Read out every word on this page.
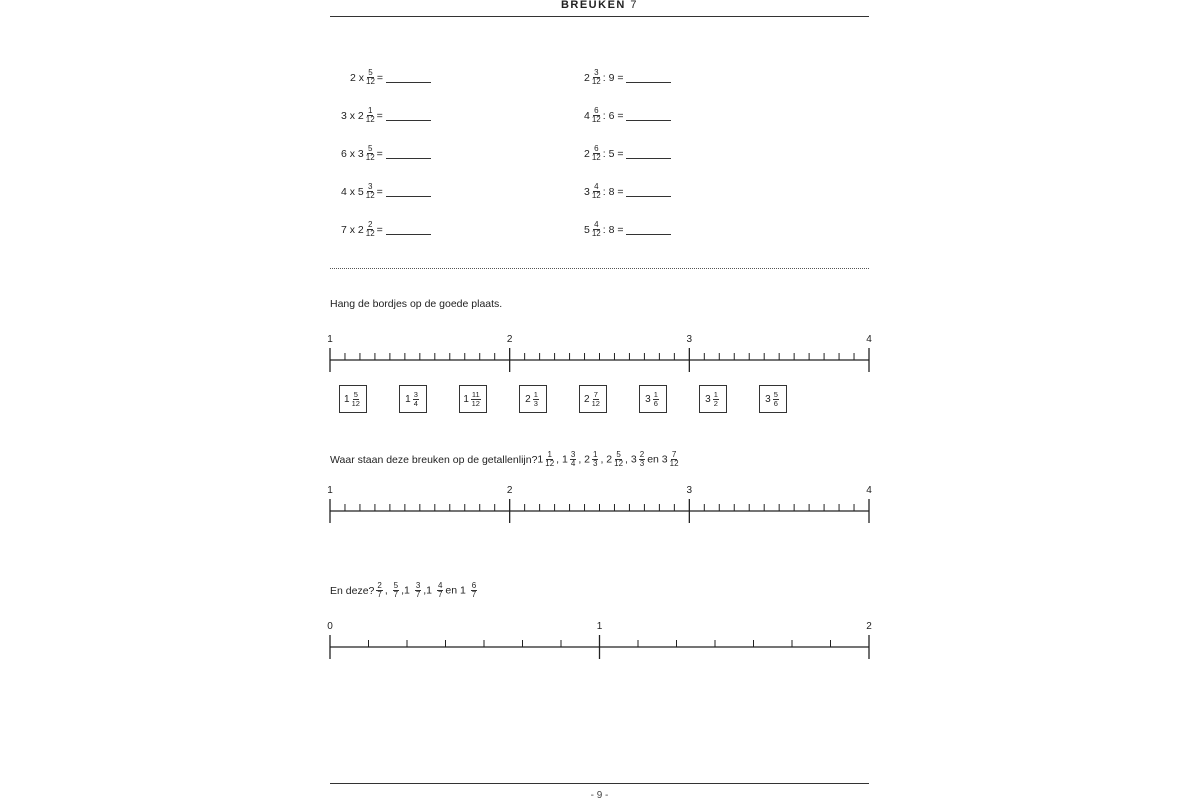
BREUKEN 7
2 x $\frac{5}{12}$ =
3 x $2 \frac{1}{12}$ =
6 x $3 \frac{5}{12}$ =
4 x $5 \frac{3}{12}$ =
7 x $2 \frac{2}{12}$ =
$2 \frac{3}{12}$ : 9 =
$4 \frac{6}{12}$ : 6 =
$2 \frac{6}{12}$ : 5 =
$3 \frac{4}{12}$ : 8 =
$5 \frac{4}{12}$ : 8 =
Hang de bordjes op de goede plaats.
Waar staan deze breuken op de getallenlijn? $1 \frac{1}{12}$ , $1 \frac{3}{4}$ , $2 \frac{1}{3}$ , $2 \frac{5}{12}$ , $3 \frac{2}{3}$ en $3 \frac{7}{12}$
En deze? $\frac{2}{7}$ , $\frac{5}{7} ,1 \frac{3}{7} ,1 \frac{4}{7}$ en $1 \frac{6}{7}$
$1 \frac{5}{12}$	$1 \frac{3}{4}$	$1 \frac{11}{12}$	$2 \frac{1}{3}$	$2 \frac{7}{12}$	$3 \frac{1}{6}$	$3 \frac{1}{2}$	$3 \frac{5}{6}$
1	2	3	4
1	2	3	4
0	1	2
- 9 -
